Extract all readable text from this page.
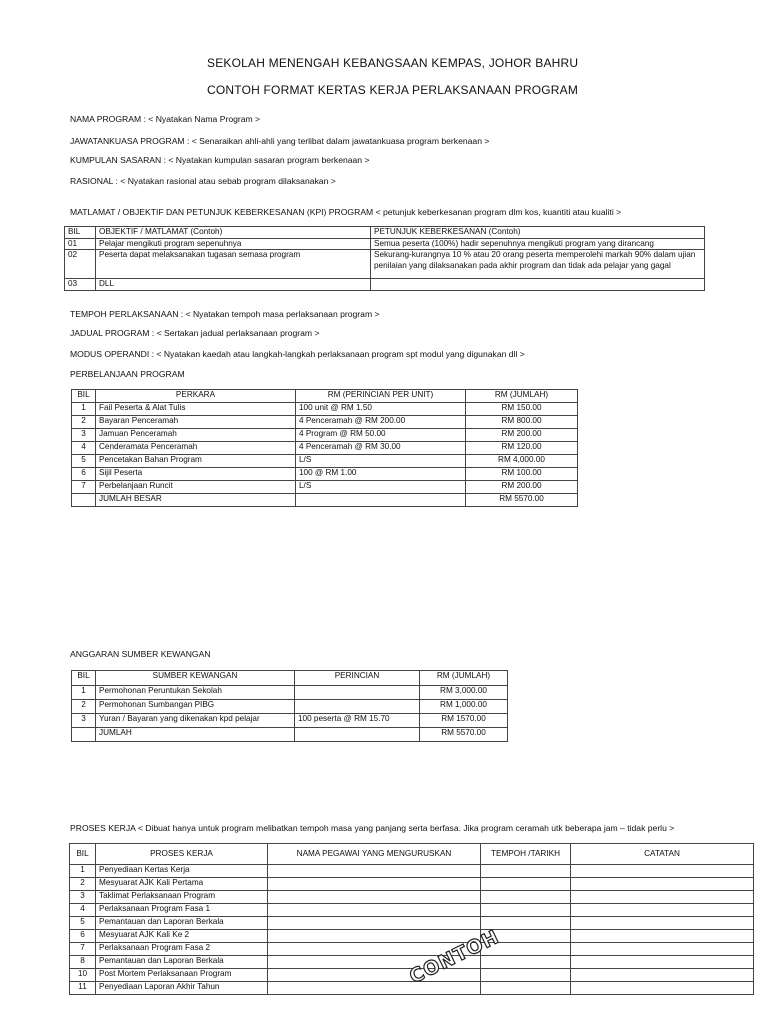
SEKOLAH MENENGAH KEBANGSAAN KEMPAS, JOHOR BAHRU
CONTOH FORMAT KERTAS KERJA PERLAKSANAAN PROGRAM
NAMA PROGRAM : < Nyatakan Nama Program >
JAWATANKUASA PROGRAM : < Senaraikan ahli-ahli yang terlibat dalam jawatankuasa program berkenaan >
KUMPULAN SASARAN : < Nyatakan kumpulan sasaran program berkenaan >
RASIONAL : < Nyatakan rasional atau sebab program dilaksanakan >
MATLAMAT / OBJEKTIF DAN PETUNJUK KEBERKESANAN (KPI) PROGRAM < petunjuk keberkesanan program dlm kos, kuantiti atau kualiti >
BIL	OBJEKTIF / MATLAMAT (Contoh)	PETUNJUK KEBERKESANAN (Contoh)
01	Pelajar mengikuti program sepenuhnya	Semua peserta (100%) hadir sepenuhnya mengikuti program yang dirancang
02	Peserta dapat melaksanakan tugasan semasa program	Sekurang-kurangnya 10 % atau 20 orang peserta memperolehi markah 90% dalam ujian penilaian yang dilaksanakan pada akhir program dan tidak ada pelajar yang gagal
03	DLL	
TEMPOH PERLAKSANAAN : < Nyatakan tempoh masa perlaksanaan program >
JADUAL PROGRAM : < Sertakan jadual perlaksanaan program >
MODUS OPERANDI : < Nyatakan kaedah atau langkah-langkah perlaksanaan program spt modul yang digunakan dll >
PERBELANJAAN PROGRAM
BIL	PERKARA	RM (PERINCIAN PER UNIT)	RM (JUMLAH)
1	Fail Peserta & Alat Tulis	100 unit @ RM 1.50	RM 150.00
2	Bayaran Penceramah	4 Penceramah @ RM 200.00	RM 800.00
3	Jamuan Penceramah	4 Program @ RM 50.00	RM 200.00
4	Cenderamata Penceramah	4 Penceramah @ RM 30.00	RM 120.00
5	Pencetakan Bahan Program	L/S	RM 4,000.00
6	Sijil Peserta	100 @ RM 1.00	RM 100.00
7	Perbelanjaan Runcit	L/S	RM 200.00
	JUMLAH BESAR		RM 5570.00
ANGGARAN SUMBER KEWANGAN
BIL	SUMBER KEWANGAN	PERINCIAN	RM (JUMLAH)
1	Permohonan Peruntukan Sekolah		RM 3,000.00
2	Permohonan Sumbangan PIBG		RM 1,000.00
3	Yuran / Bayaran yang dikenakan kpd pelajar	100 peserta @ RM 15.70	RM 1570.00
	JUMLAH		RM 5570.00
PROSES KERJA < Dibuat hanya untuk program melibatkan tempoh masa yang panjang serta berfasa. Jika program ceramah utk beberapa jam – tidak perlu >
BIL	PROSES KERJA	NAMA PEGAWAI YANG MENGURUSKAN	TEMPOH /TARIKH	CATATAN
1	Penyediaan Kertas Kerja			
2	Mesyuarat AJK Kali Pertama			
3	Taklimat Perlaksanaan Program			
4	Perlaksanaan Program Fasa 1			
5	Pemantauan dan Laporan Berkala			
6	Mesyuarat AJK Kali Ke 2			
7	Perlaksanaan Program Fasa 2			
8	Pemantauan dan Laporan Berkala			
10	Post Mortem Perlaksanaan Program			
11	Penyediaan Laporan Akhir Tahun				CONTOH
